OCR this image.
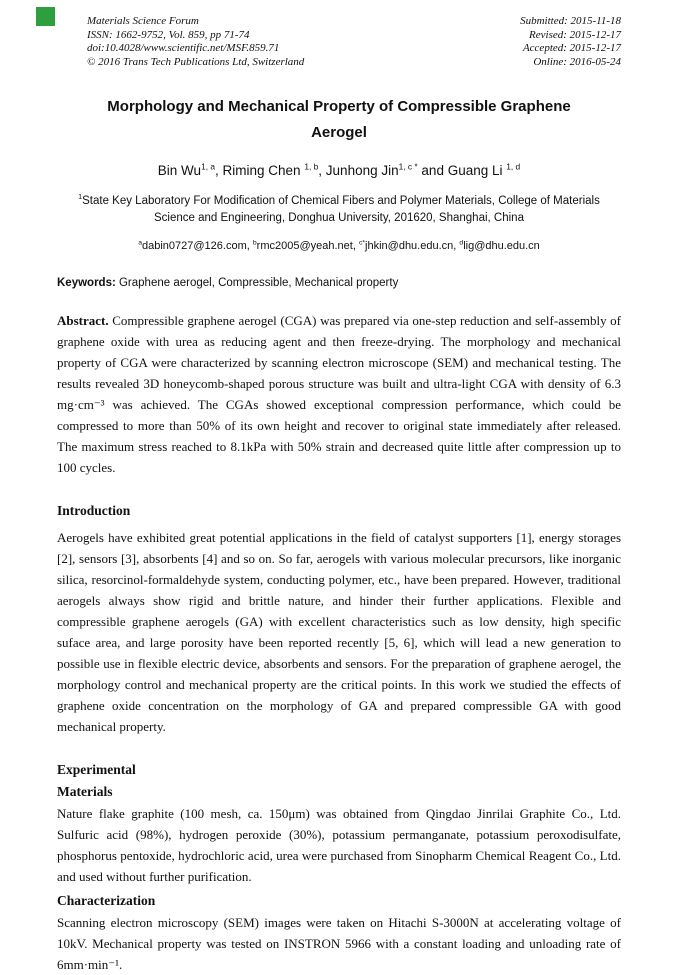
Materials Science Forum
ISSN: 1662-9752, Vol. 859, pp 71-74
doi:10.4028/www.scientific.net/MSF.859.71
© 2016 Trans Tech Publications Ltd, Switzerland
Submitted: 2015-11-18
Revised: 2015-12-17
Accepted: 2015-12-17
Online: 2016-05-24
Morphology and Mechanical Property of Compressible Graphene Aerogel
Bin Wu$^{1, a}$, Riming Chen $^{1, b}$, Junhong Jin$^{1, c *}$ and Guang Li $^{1, d}$
$^1$State Key Laboratory For Modification of Chemical Fibers and Polymer Materials, College of Materials Science and Engineering, Donghua University, 201620, Shanghai, China
$^a$dabin0727@126.com, $^b$rmc2005@yeah.net, $^{c*}$jhkin@dhu.edu.cn, $^d$lig@dhu.edu.cn
Keywords: Graphene aerogel, Compressible, Mechanical property

Abstract. Compressible graphene aerogel (CGA) was prepared via one-step reduction and self-assembly of graphene oxide with urea as reducing agent and then freeze-drying. The morphology and mechanical property of CGA were characterized by scanning electron microscope (SEM) and mechanical testing. The results revealed 3D honeycomb-shaped porous structure was built and ultra-light CGA with density of 6.3 mg·cm⁻³ was achieved. The CGAs showed exceptional compression performance, which could be compressed to more than 50% of its own height and recover to original state immediately after released. The maximum stress reached to 8.1kPa with 50% strain and decreased quite little after compression up to 100 cycles.

Introduction

Aerogels have exhibited great potential applications in the field of catalyst supporters [1], energy storages [2], sensors [3], absorbents [4] and so on. So far, aerogels with various molecular precursors, like inorganic silica, resorcinol-formaldehyde system, conducting polymer, etc., have been prepared. However, traditional aerogels always show rigid and brittle nature, and hinder their further applications. Flexible and compressible graphene aerogels (GA) with excellent characteristics such as low density, high specific suface area, and large porosity have been reported recently [5, 6], which will lead a new generation to possible use in flexible electric device, absorbents and sensors. For the preparation of graphene aerogel, the morphology control and mechanical property are the critical points. In this work we studied the effects of graphene oxide concentration on the morphology of GA and prepared compressible GA with good mechanical property.

Experimental
Materials

Nature flake graphite (100 mesh, ca. 150μm) was obtained from Qingdao Jinrilai Graphite Co., Ltd. Sulfuric acid (98%), hydrogen peroxide (30%), potassium permanganate, potassium peroxodisulfate, phosphorus pentoxide, hydrochloric acid, urea were purchased from Sinopharm Chemical Reagent Co., Ltd. and used without further purification.

Characterization

Scanning electron microscopy (SEM) images were taken on Hitachi S-3000N at accelerating voltage of 10kV. Mechanical property was tested on INSTRON 5966 with a constant loading and unloading rate of 6mm·min⁻¹.
